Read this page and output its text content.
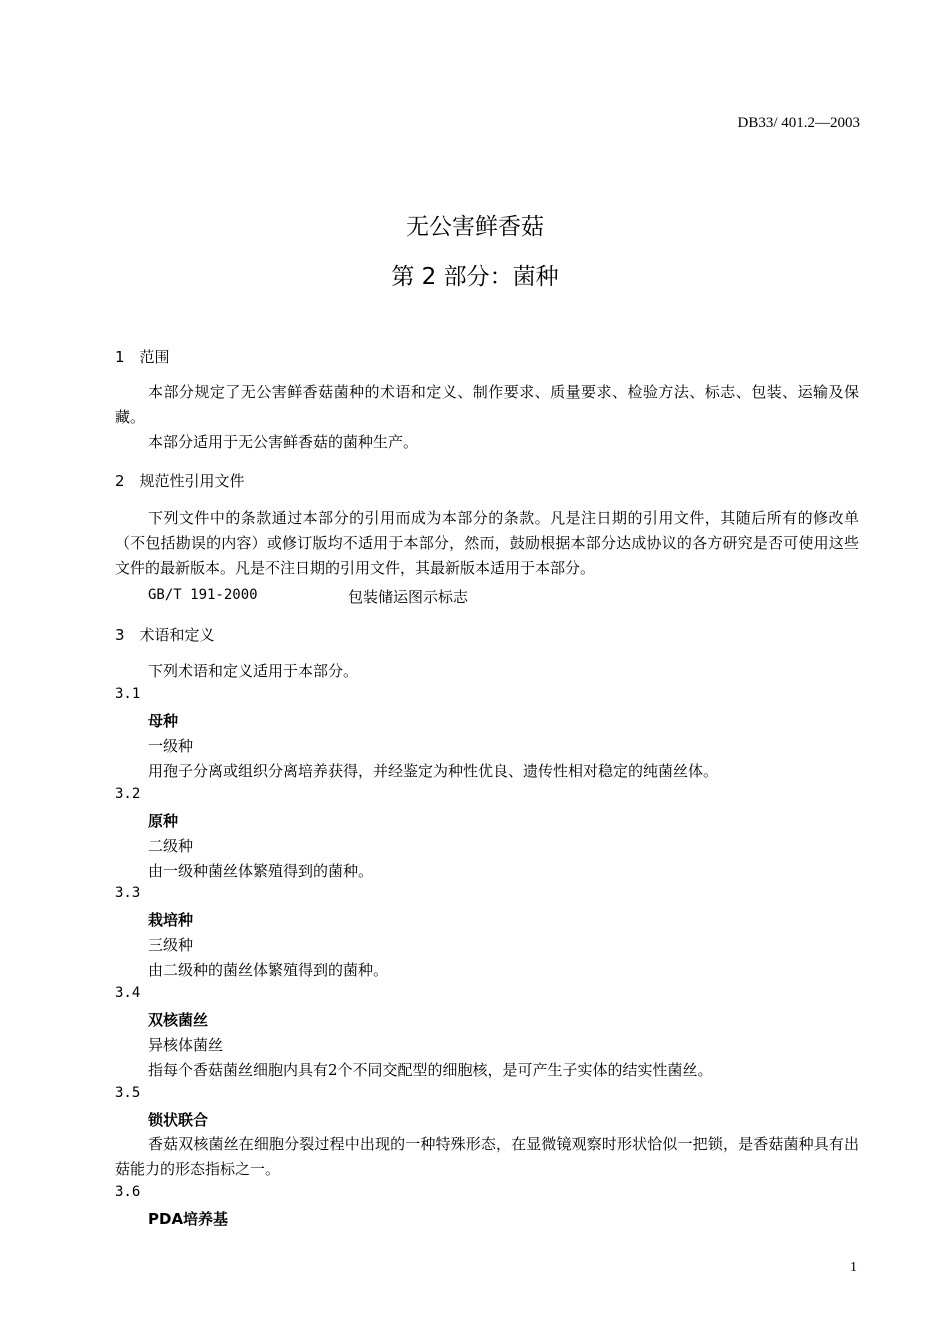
DB33/ 401.2—2003
无公害鲜香菇
第 2 部分：菌种
1　范围
本部分规定了无公害鲜香菇菌种的术语和定义、制作要求、质量要求、检验方法、标志、包装、运输及保藏。
本部分适用于无公害鲜香菇的菌种生产。
2　规范性引用文件
下列文件中的条款通过本部分的引用而成为本部分的条款。凡是注日期的引用文件，其随后所有的修改单（不包括勘误的内容）或修订版均不适用于本部分，然而，鼓励根据本部分达成协议的各方研究是否可使用这些文件的最新版本。凡是不注日期的引用文件，其最新版本适用于本部分。
GB/T 191-2000	包装储运图示标志
3　术语和定义
下列术语和定义适用于本部分。
3.1
母种
一级种
用孢子分离或组织分离培养获得，并经鉴定为种性优良、遗传性相对稳定的纯菌丝体。
3.2
原种
二级种
由一级种菌丝体繁殖得到的菌种。
3.3
栽培种
三级种
由二级种的菌丝体繁殖得到的菌种。
3.4
双核菌丝
异核体菌丝
指每个香菇菌丝细胞内具有2个不同交配型的细胞核，是可产生子实体的结实性菌丝。
3.5
锁状联合
香菇双核菌丝在细胞分裂过程中出现的一种特殊形态，在显微镜观察时形状恰似一把锁，是香菇菌种具有出菇能力的形态指标之一。
3.6
PDA培养基
1
